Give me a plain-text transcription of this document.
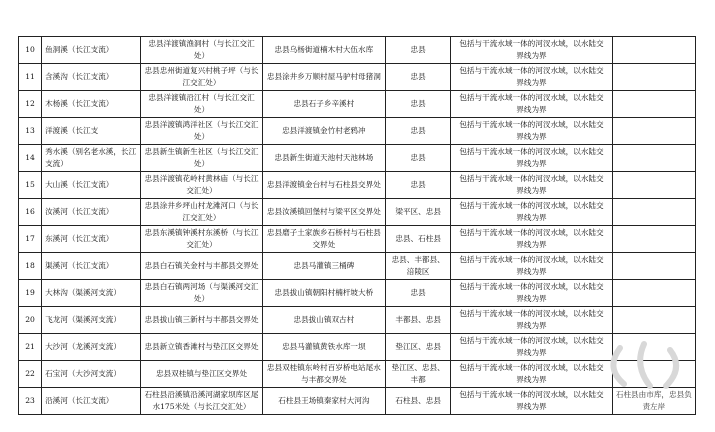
10	鱼洞溪（长江支流）	忠县洋渡镇渔洞村（与长江交汇处）	忠县乌杨街道楠木村大伍水库	忠县	包括与干流水域一体的河汊水域，以水陆交界线为界	
11	含溪沟（长江支流）	忠县忠州街道复兴村桃子坪（与长江交汇处）	忠县涂井乡万顺村屋马驴村母猪洞	忠县	包括与干流水域一体的河汊水域，以水陆交界线为界	
12	木杨溪（长江支流）	忠县洋渡镇沿江村（与长江交汇处）	忠县石子乡辛溪村	忠县	包括与干流水域一体的河汊水域，以水陆交界线为界	
13	洋渡溪（长江支	忠县洋渡镇鸿洋社区（与长江交汇处）	忠县洋渡镇金竹村老鸦冲	忠县	包括与干流水域一体的河汊水域，以水陆交界线为界	
14	秀水溪（别名老水溪，长江支流）	忠县新生镇新生社区（与长江交汇处）	忠县新生街道天池村天池林场	忠县	包括与干流水域一体的河汊水域，以水陆交界线为界	
15	大山溪（长江支流）	忠县洋渡镇花岭村黄林庙（与长江交汇处）	忠县洋渡镇金台村与石柱县交界处	忠县	包括与干流水域一体的河汊水域，以水陆交界线为界	
16	汝溪河（长江支流）	忠县涂井乡坪山村龙滩河口（与长江交汇处）	忠县汝溪镇回堡村与梁平区交界处	梁平区、忠县	包括与干流水域一体的河汊水域，以水陆交界线为界	
17	东溪河（长江支流）	忠县东溪镇钟溪村东溪桥（与长江交汇处）	忠县磨子土家族乡石桥村与石柱县交界处	忠县、石柱县	包括与干流水域一体的河汊水域，以水陆交界线为界	
18	渠溪河（长江支流）	忠县白石镇关金村与丰都县交界处	忠县马灌镇三桶碑	忠县、丰都县、涪陵区	包括与干流水域一体的河汊水域，以水陆交界线为界	
19	大林沟（渠溪河支流）	忠县白石镇两河场（与渠溪河交汇处）	忠县拔山镇朝阳村楠杆坡大桥	忠县	包括与干流水域一体的河汊水域，以水陆交界线为界	
20	飞龙河（渠溪河支流）	忠县拔山镇三新村与丰都县交界处	忠县拔山镇双古村	丰都县、忠县	包括与干流水域一体的河汊水域，以水陆交界线为界	
21	大沙河（龙溪河支流）	忠县新立镇香滩村与垫江区交界处	忠县马灌镇黄铁水库一坝	垫江区、忠县	包括与干流水域一体的河汊水域，以水陆交界线为界	
22	石宝河（大沙河支流）	忠县双桂镇与垫江区交界处	忠县双桂镇东岭村百岁桥电站尾水与丰都交界处	垫江区、忠县、丰都	包括与干流水域一体的河汊水域，以水陆交界线为界	
23	沿溪河（长江支流）	石柱县沿溪镇沿溪河湖家坝库区尾水175米处（与长江交汇处）	石柱县王场镇秦家村大河沟	石柱县、忠县	包括与干流水域一体的河汊水域，以水陆交界线为界	石柱县由市库，忠县负责左岸
